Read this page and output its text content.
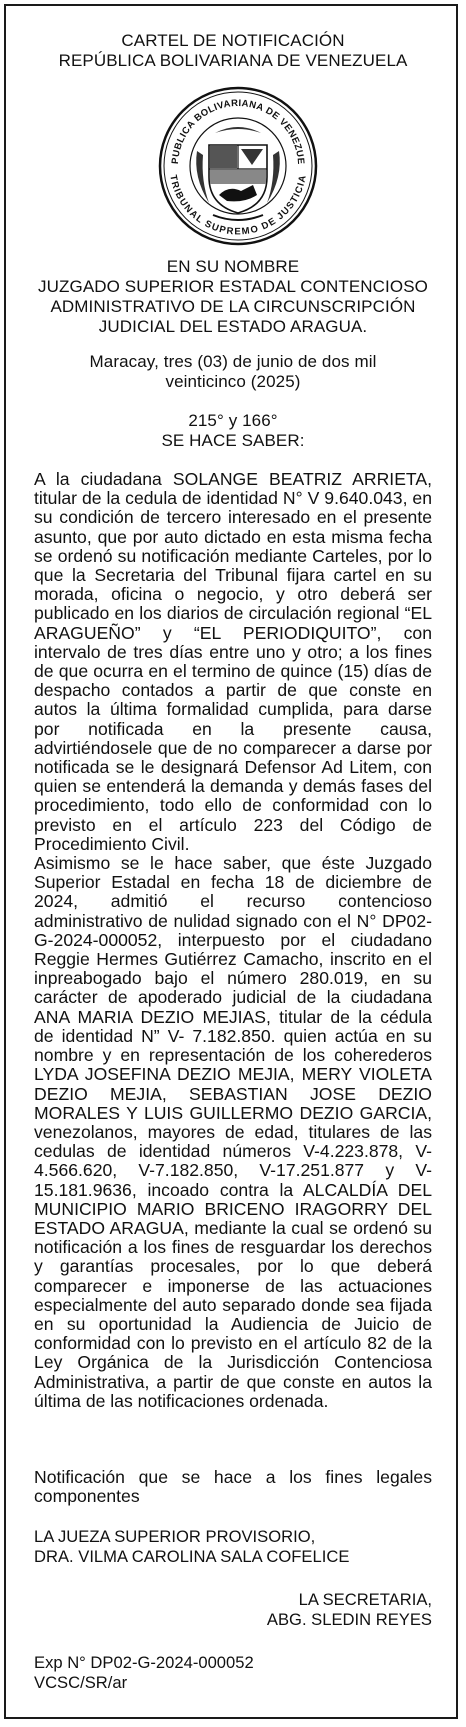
CARTEL DE NOTIFICACIÓN
REPÚBLICA BOLIVARIANA DE VENEZUELA
PUBLICA BOLIVARIANA DE VENEZUE
TRIBUNAL SUPREMO DE JUSTICIA
EN SU NOMBRE
JUZGADO SUPERIOR ESTADAL CONTENCIOSO
ADMINISTRATIVO DE LA CIRCUNSCRIPCIÓN
JUDICIAL DEL ESTADO ARAGUA.
Maracay, tres (03) de junio de dos mil
veinticinco (2025)
215° y 166°
SE HACE SABER:
A la ciudadana SOLANGE BEATRIZ ARRIETA, titular de la cedula de identidad N° V 9.640.043, en su condición de tercero interesado en el presente asunto, que por auto dictado en esta misma fecha se ordenó su notificación mediante Carteles, por lo que la Secretaria del Tribunal fijara cartel en su morada, oficina o negocio, y otro deberá ser publicado en los diarios de circulación regional “EL ARAGUEÑO” y “EL PERIODIQUITO”, con intervalo de tres días entre uno y otro; a los fines de que ocurra en el termino de quince (15) días de despacho contados a partir de que conste en autos la última formalidad cumplida, para darse por notificada en la presente causa, advirtiéndosele que de no comparecer a darse por notificada se le designará Defensor Ad Litem, con quien se entenderá la demanda y demás fases del procedimiento, todo ello de conformidad con lo previsto en el artículo 223 del Código de Procedimiento Civil.
Asimismo se le hace saber, que éste Juzgado Superior Estadal en fecha 18 de diciembre de 2024, admitió el recurso contencioso administrativo de nulidad signado con el N° DP02-G-2024-000052, interpuesto por el ciudadano Reggie Hermes Gutiérrez Camacho, inscrito en el inpreabogado bajo el número 280.019, en su carácter de apoderado judicial de la ciudadana ANA MARIA DEZIO MEJIAS, titular de la cédula de identidad N” V- 7.182.850. quien actúa en su nombre y en representación de los coherederos LYDA JOSEFINA DEZIO MEJIA, MERY VIOLETA DEZIO MEJIA, SEBASTIAN JOSE DEZIO MORALES Y LUIS GUILLERMO DEZIO GARCIA, venezolanos, mayores de edad, titulares de las cedulas de identidad números V-4.223.878, V-4.566.620, V-7.182.850, V-17.251.877 y V-15.181.9636, incoado contra la ALCALDÍA DEL MUNICIPIO MARIO BRICENO IRAGORRY DEL ESTADO ARAGUA, mediante la cual se ordenó su notificación a los fines de resguardar los derechos y garantías procesales, por lo que deberá comparecer e imponerse de las actuaciones especialmente del auto separado donde sea fijada en su oportunidad la Audiencia de Juicio de conformidad con lo previsto en el artículo 82 de la Ley Orgánica de la Jurisdicción Contenciosa Administrativa, a partir de que conste en autos la última de las notificaciones ordenada.
Notificación que se hace a los fines legales componentes
LA JUEZA SUPERIOR PROVISORIO,
DRA. VILMA CAROLINA SALA COFELICE
LA SECRETARIA,
ABG. SLEDIN REYES
Exp N° DP02-G-2024-000052
VCSC/SR/ar
